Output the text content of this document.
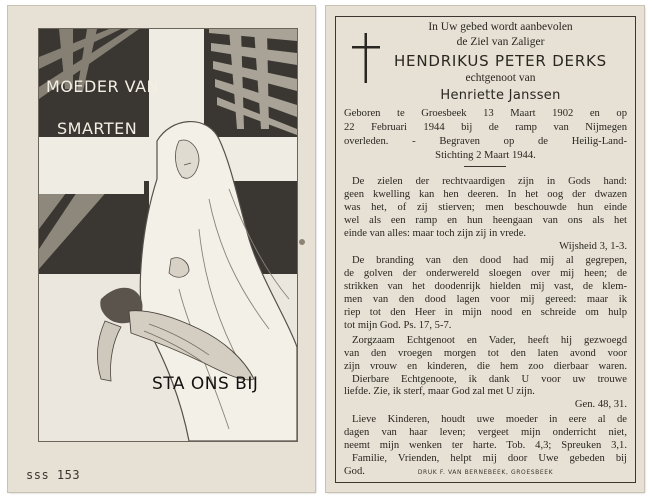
MOEDER VAN
SMARTEN
STA ONS BIJ
sss 153
In Uw gebed wordt aanbevolen
de Ziel van Zaliger
HENDRIKUS PETER DERKS
echtgenoot van
Henriette Janssen
Geboren te Groesbeek 13 Maart 1902 en op
22 Februari 1944 bij de ramp van Nijmegen
overleden. - Begraven op de Heilig-Land-
Stichting 2 Maart 1944.
De zielen der rechtvaardigen zijn in Gods hand:
geen kwelling kan hen deeren. In het oog der dwazen
was het, of zij stierven; men beschouwde hun einde
wel als een ramp en hun heengaan van ons als het
einde van alles: maar toch zijn zij in vrede.
Wijsheid 3, 1-3.
De branding van den dood had mij al gegrepen,
de golven der onderwereld sloegen over mij heen; de
strikken van het doodenrijk hielden mij vast, de klem-
men van den dood lagen voor mij gereed: maar ik
riep tot den Heer in mijn nood en schreide om hulp
tot mijn God. Ps. 17, 5-7.
Zorgzaam Echtgenoot en Vader, heeft hij gezwoegd
van den vroegen morgen tot den laten avond voor
zijn vrouw en kinderen, die hem zoo dierbaar waren.
Dierbare Echtgenoote, ik dank U voor uw trouwe
liefde. Zie, ik sterf, maar God zal met U zijn.
Gen. 48, 31.
Lieve Kinderen, houdt uwe moeder in eere al de
dagen van haar leven; vergeet mijn onderricht niet,
neemt mijn wenken ter harte. Tob. 4,3; Spreuken 3,1.
Familie, Vrienden, helpt mij door Uwe gebeden bij
God.	DRUK F. VAN BERNEBEEK, GROESBEEK
